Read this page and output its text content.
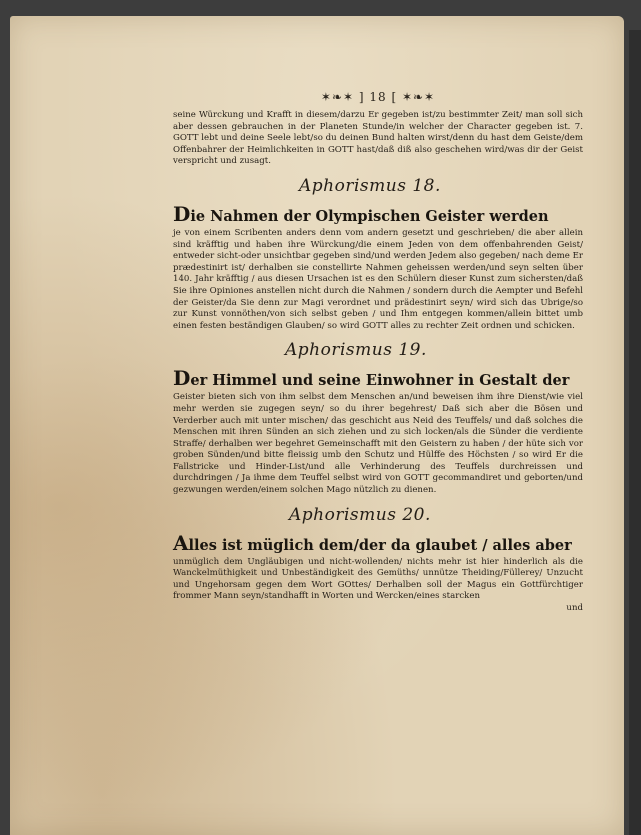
✶❧✶ ] 18 [ ✶❧✶

seine Würckung und Krafft in diesem/darzu Er gegeben ist/zu bestimmter Zeit/ man soll sich aber dessen gebrauchen in der Planeten Stunde/in welcher der Character gegeben ist. 7. GOTT lebt und deine Seele lebt/so du deinen Bund halten wirst/denn du hast dem Geiste/dem Offenbahrer der Heimlichkeiten in GOTT hast/daß diß also geschehen wird/was dir der Geist verspricht und zusagt.

Aphorismus 18.
Die Nahmen der Olympischen Geister werden

je von einem Scribenten anders denn vom andern gesetzt und geschrieben/ die aber allein sind kräfftig und haben ihre Würckung/die einem Jeden von dem offenbahrenden Geist/ entweder sicht-oder unsichtbar gegeben sind/und werden Jedem also gegeben/ nach deme Er prædestinirt ist/ derhalben sie constellirte Nahmen geheissen werden/und seyn selten über 140. Jahr kräfftig / aus diesen Ursachen ist es den Schülern dieser Kunst zum sichersten/daß Sie ihre Opiniones anstellen nicht durch die Nahmen / sondern durch die Aempter und Befehl der Geister/da Sie denn zur Magi verordnet und prädestinirt seyn/ wird sich das Ubrige/so zur Kunst vonnöthen/von sich selbst geben / und Ihm entgegen kommen/allein bittet umb einen festen beständigen Glauben/ so wird GOTT alles zu rechter Zeit ordnen und schicken.

Aphorismus 19.
Der Himmel und seine Einwohner in Gestalt der

Geister bieten sich von ihm selbst dem Menschen an/und beweisen ihm ihre Dienst/wie viel mehr werden sie zugegen seyn/ so du ihrer begehrest/ Daß sich aber die Bösen und Verderber auch mit unter mischen/ das geschicht aus Neid des Teuffels/ und daß solches die Menschen mit ihren Sünden an sich ziehen und zu sich locken/als die Sünder die verdiente Straffe/ derhalben wer begehret Gemeinschafft mit den Geistern zu haben / der hüte sich vor groben Sünden/und bitte fleissig umb den Schutz und Hülffe des Höchsten / so wird Er die Fallstricke und Hinder-List/und alle Verhinderung des Teuffels durchreissen und durchdringen / Ja ihme dem Teuffel selbst wird von GOTT gecommandiret und geborten/und gezwungen werden/einem solchen Mago nützlich zu dienen.

Aphorismus 20.
Alles ist müglich dem/der da glaubet / alles aber

unmüglich dem Ungläubigen und nicht-wollenden/ nichts mehr ist hier hinderlich als die Wanckelmüthigkeit und Unbeständigkeit des Gemüths/ unnütze Theiding/Füllerey/ Unzucht und Ungehorsam gegen dem Wort GOttes/ Derhalben soll der Magus ein Gottfürchtiger frommer Mann seyn/standhafft in Worten und Wercken/eines starcken

und
